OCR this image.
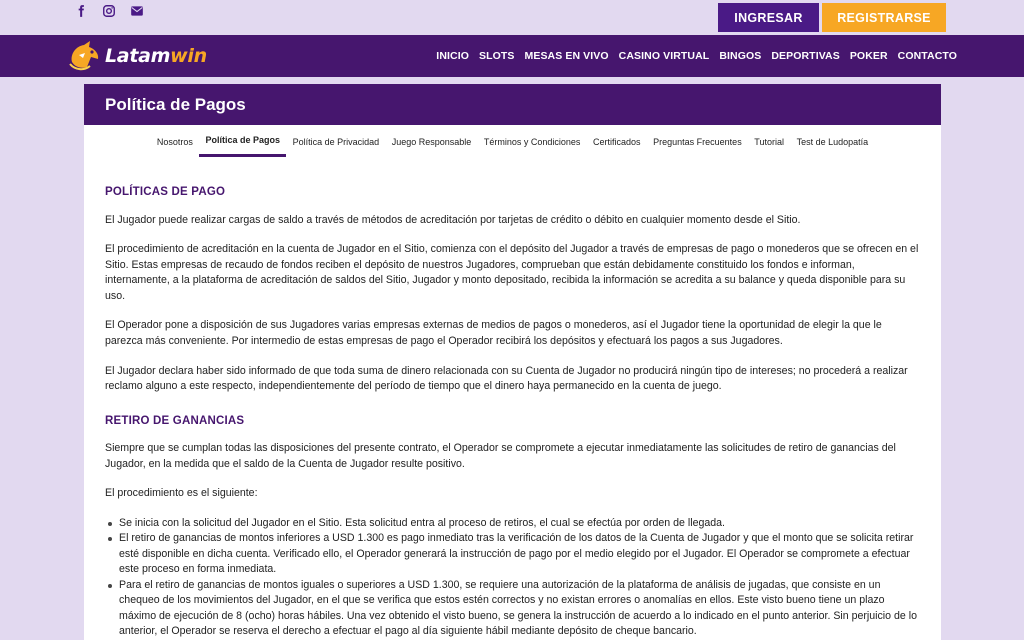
INGRESAR	REGISTRARSE
Latamwin	INICIO SLOTS MESAS EN VIVO CASINO VIRTUAL BINGOS DEPORTIVAS POKER CONTACTO
Política de Pagos
Nosotros	Política de Pagos	Política de Privacidad	Juego Responsable	Términos y Condiciones	Certificados	Preguntas Frecuentes	Tutorial	Test de Ludopatía
POLÍTICAS DE PAGO

El Jugador puede realizar cargas de saldo a través de métodos de acreditación por tarjetas de crédito o débito en cualquier momento desde el Sitio.

El procedimiento de acreditación en la cuenta de Jugador en el Sitio, comienza con el depósito del Jugador a través de empresas de pago o monederos que se ofrecen en el Sitio. Estas empresas de recaudo de fondos reciben el depósito de nuestros Jugadores, comprueban que están debidamente constituido los fondos e informan, internamente, a la plataforma de acreditación de saldos del Sitio, Jugador y monto depositado, recibida la información se acredita a su balance y queda disponible para su uso.

El Operador pone a disposición de sus Jugadores varias empresas externas de medios de pagos o monederos, así el Jugador tiene la oportunidad de elegir la que le parezca más conveniente. Por intermedio de estas empresas de pago el Operador recibirá los depósitos y efectuará los pagos a sus Jugadores.

El Jugador declara haber sido informado de que toda suma de dinero relacionada con su Cuenta de Jugador no producirá ningún tipo de intereses; no procederá a realizar reclamo alguno a este respecto, independientemente del período de tiempo que el dinero haya permanecido en la cuenta de juego.

RETIRO DE GANANCIAS

Siempre que se cumplan todas las disposiciones del presente contrato, el Operador se compromete a ejecutar inmediatamente las solicitudes de retiro de ganancias del Jugador, en la medida que el saldo de la Cuenta de Jugador resulte positivo.

El procedimiento es el siguiente:

Se inicia con la solicitud del Jugador en el Sitio. Esta solicitud entra al proceso de retiros, el cual se efectúa por orden de llegada.
El retiro de ganancias de montos inferiores a USD 1.300 es pago inmediato tras la verificación de los datos de la Cuenta de Jugador y que el monto que se solicita retirar esté disponible en dicha cuenta. Verificado ello, el Operador generará la instrucción de pago por el medio elegido por el Jugador. El Operador se compromete a efectuar este proceso en forma inmediata.
Para el retiro de ganancias de montos iguales o superiores a USD 1.300, se requiere una autorización de la plataforma de análisis de jugadas, que consiste en un chequeo de los movimientos del Jugador, en el que se verifica que estos estén correctos y no existan errores o anomalías en ellos. Este visto bueno tiene un plazo máximo de ejecución de 8 (ocho) horas hábiles. Una vez obtenido el visto bueno, se genera la instrucción de acuerdo a lo indicado en el punto anterior. Sin perjuicio de lo anterior, el Operador se reserva el derecho a efectuar el pago al día siguiente hábil mediante depósito de cheque bancario.
